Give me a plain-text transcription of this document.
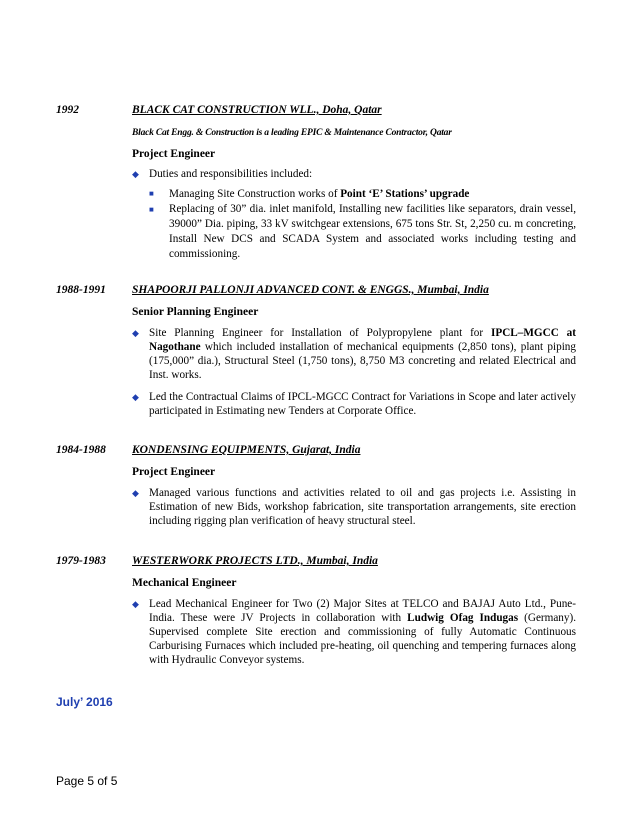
1992	BLACK CAT CONSTRUCTION WLL., Doha, Qatar
Black Cat Engg. & Construction is a leading EPIC & Maintenance Contractor, Qatar
Project Engineer
◆ Duties and responsibilities included:
■ Managing Site Construction works of Point ‘E’ Stations’ upgrade
■ Replacing of 30” dia. inlet manifold, Installing new facilities like separators, drain vessel, 39000” Dia. piping, 33 kV switchgear extensions, 675 tons Str. St, 2,250 cu. m concreting, Install New DCS and SCADA System and associated works including testing and commissioning.
1988-1991	SHAPOORJI PALLONJI ADVANCED CONT. & ENGGS., Mumbai, India
Senior Planning Engineer
◆ Site Planning Engineer for Installation of Polypropylene plant for IPCL–MGCC at Nagothane which included installation of mechanical equipments (2,850 tons), plant piping (175,000” dia.), Structural Steel (1,750 tons), 8,750 M3 concreting and related Electrical and Inst. works.
◆ Led the Contractual Claims of IPCL-MGCC Contract for Variations in Scope and later actively participated in Estimating new Tenders at Corporate Office.
1984-1988	KONDENSING EQUIPMENTS, Gujarat, India
Project Engineer
◆ Managed various functions and activities related to oil and gas projects i.e. Assisting in Estimation of new Bids, workshop fabrication, site transportation arrangements, site erection including rigging plan verification of heavy structural steel.
1979-1983	WESTERWORK PROJECTS LTD., Mumbai, India
Mechanical Engineer
◆ Lead Mechanical Engineer for Two (2) Major Sites at TELCO and BAJAJ Auto Ltd., Pune-India. These were JV Projects in collaboration with Ludwig Ofag Indugas (Germany). Supervised complete Site erection and commissioning of fully Automatic Continuous Carburising Furnaces which included pre-heating, oil quenching and tempering furnaces along with Hydraulic Conveyor systems.
July’ 2016
Page 5 of 5
